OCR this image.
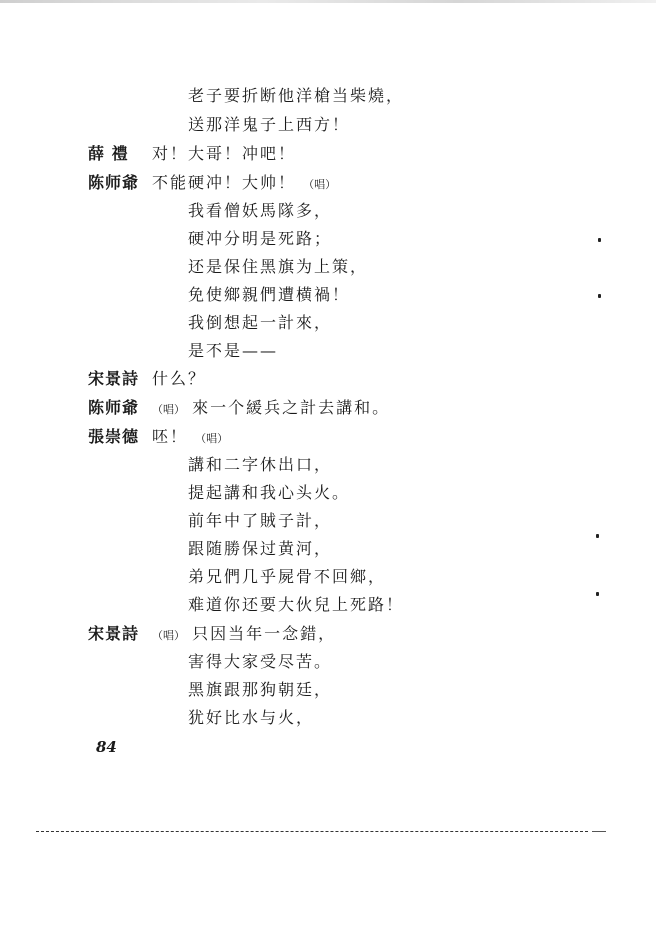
老子要折断他洋槍当柴燒，
送那洋鬼子上西方！
薛 禮 对！大哥！冲吧！
陈师爺 不能硬冲！大帅！ （唱）
我看僧妖馬隊多，
硬冲分明是死路；
还是保住黑旗为上策，
免使鄉親們遭横禍！
我倒想起一計來，
是不是——
宋景詩 什么？
陈师爺 （唱） 來一个緩兵之計去講和。
張崇德 呸！ （唱）
講和二字休出口，
提起講和我心头火。
前年中了賊子計，
跟随勝保过黄河，
弟兄們几乎屍骨不回鄉，
难道你还要大伙兒上死路！
宋景詩 （唱） 只因当年一念錯，
害得大家受尽苦。
黑旗跟那狗朝廷，
犹好比水与火，
84
